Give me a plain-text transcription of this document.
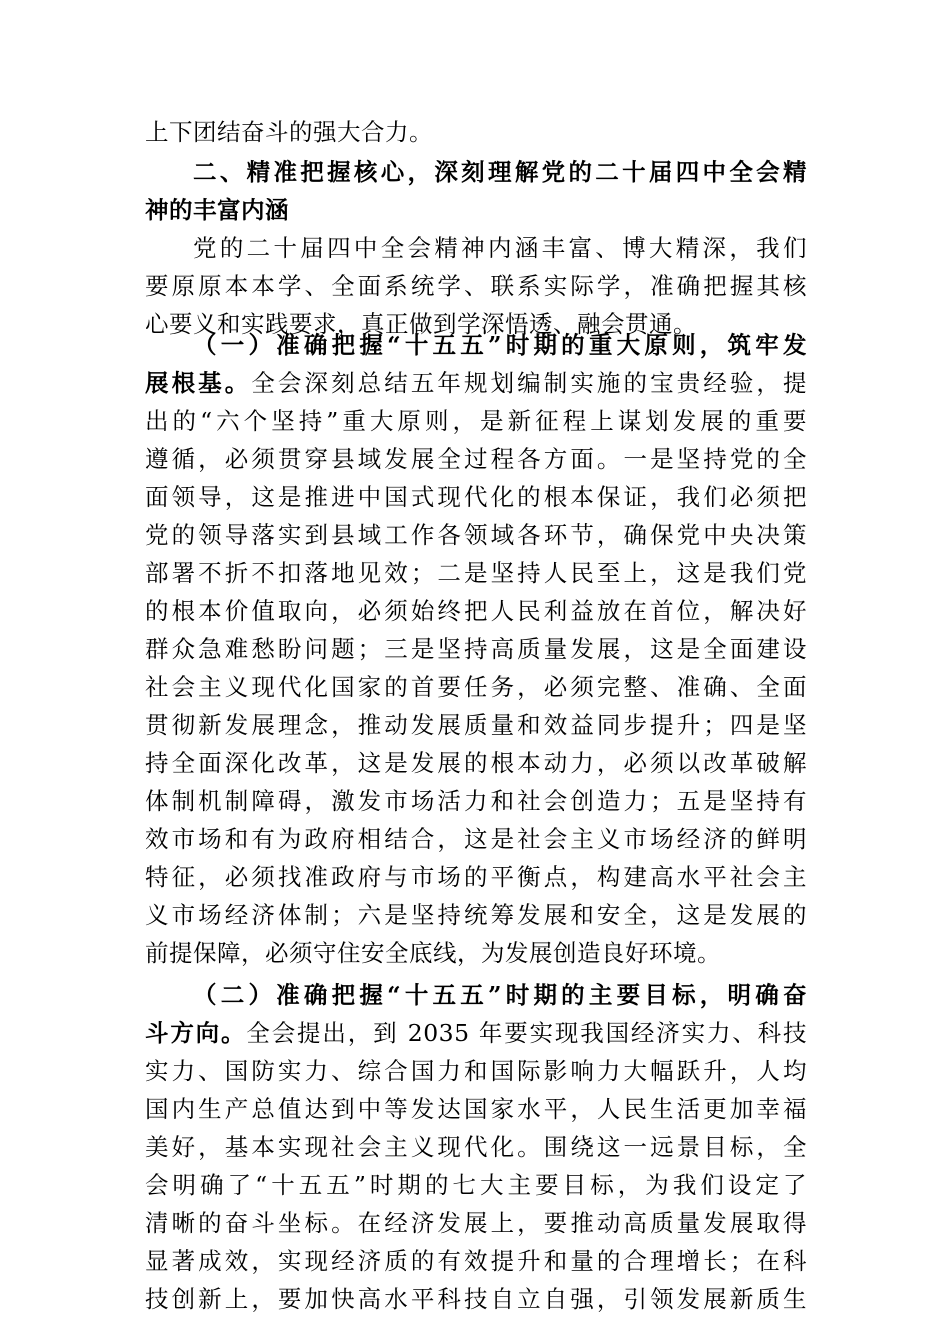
上下团结奋斗的强大合力。
二、精准把握核心，深刻理解党的二十届四中全会精
神的丰富内涵
党的二十届四中全会精神内涵丰富、博大精深，我们
要原原本本学、全面系统学、联系实际学，准确把握其核
心要义和实践要求，真正做到学深悟透、融会贯通。
（一）准确把握“十五五”时期的重大原则，筑牢发
展根基。全会深刻总结五年规划编制实施的宝贵经验，提
出的“六个坚持”重大原则，是新征程上谋划发展的重要
遵循，必须贯穿县域发展全过程各方面。一是坚持党的全
面领导，这是推进中国式现代化的根本保证，我们必须把
党的领导落实到县域工作各领域各环节，确保党中央决策
部署不折不扣落地见效；二是坚持人民至上，这是我们党
的根本价值取向，必须始终把人民利益放在首位，解决好
群众急难愁盼问题；三是坚持高质量发展，这是全面建设
社会主义现代化国家的首要任务，必须完整、准确、全面
贯彻新发展理念，推动发展质量和效益同步提升；四是坚
持全面深化改革，这是发展的根本动力，必须以改革破解
体制机制障碍，激发市场活力和社会创造力；五是坚持有
效市场和有为政府相结合，这是社会主义市场经济的鲜明
特征，必须找准政府与市场的平衡点，构建高水平社会主
义市场经济体制；六是坚持统筹发展和安全，这是发展的
前提保障，必须守住安全底线，为发展创造良好环境。
（二）准确把握“十五五”时期的主要目标，明确奋
斗方向。全会提出，到 2035 年要实现我国经济实力、科技
实力、国防实力、综合国力和国际影响力大幅跃升，人均
国内生产总值达到中等发达国家水平，人民生活更加幸福
美好，基本实现社会主义现代化。围绕这一远景目标，全
会明确了“十五五”时期的七大主要目标，为我们设定了
清晰的奋斗坐标。在经济发展上，要推动高质量发展取得
显著成效，实现经济质的有效提升和量的合理增长；在科
技创新上，要加快高水平科技自立自强，引领发展新质生
